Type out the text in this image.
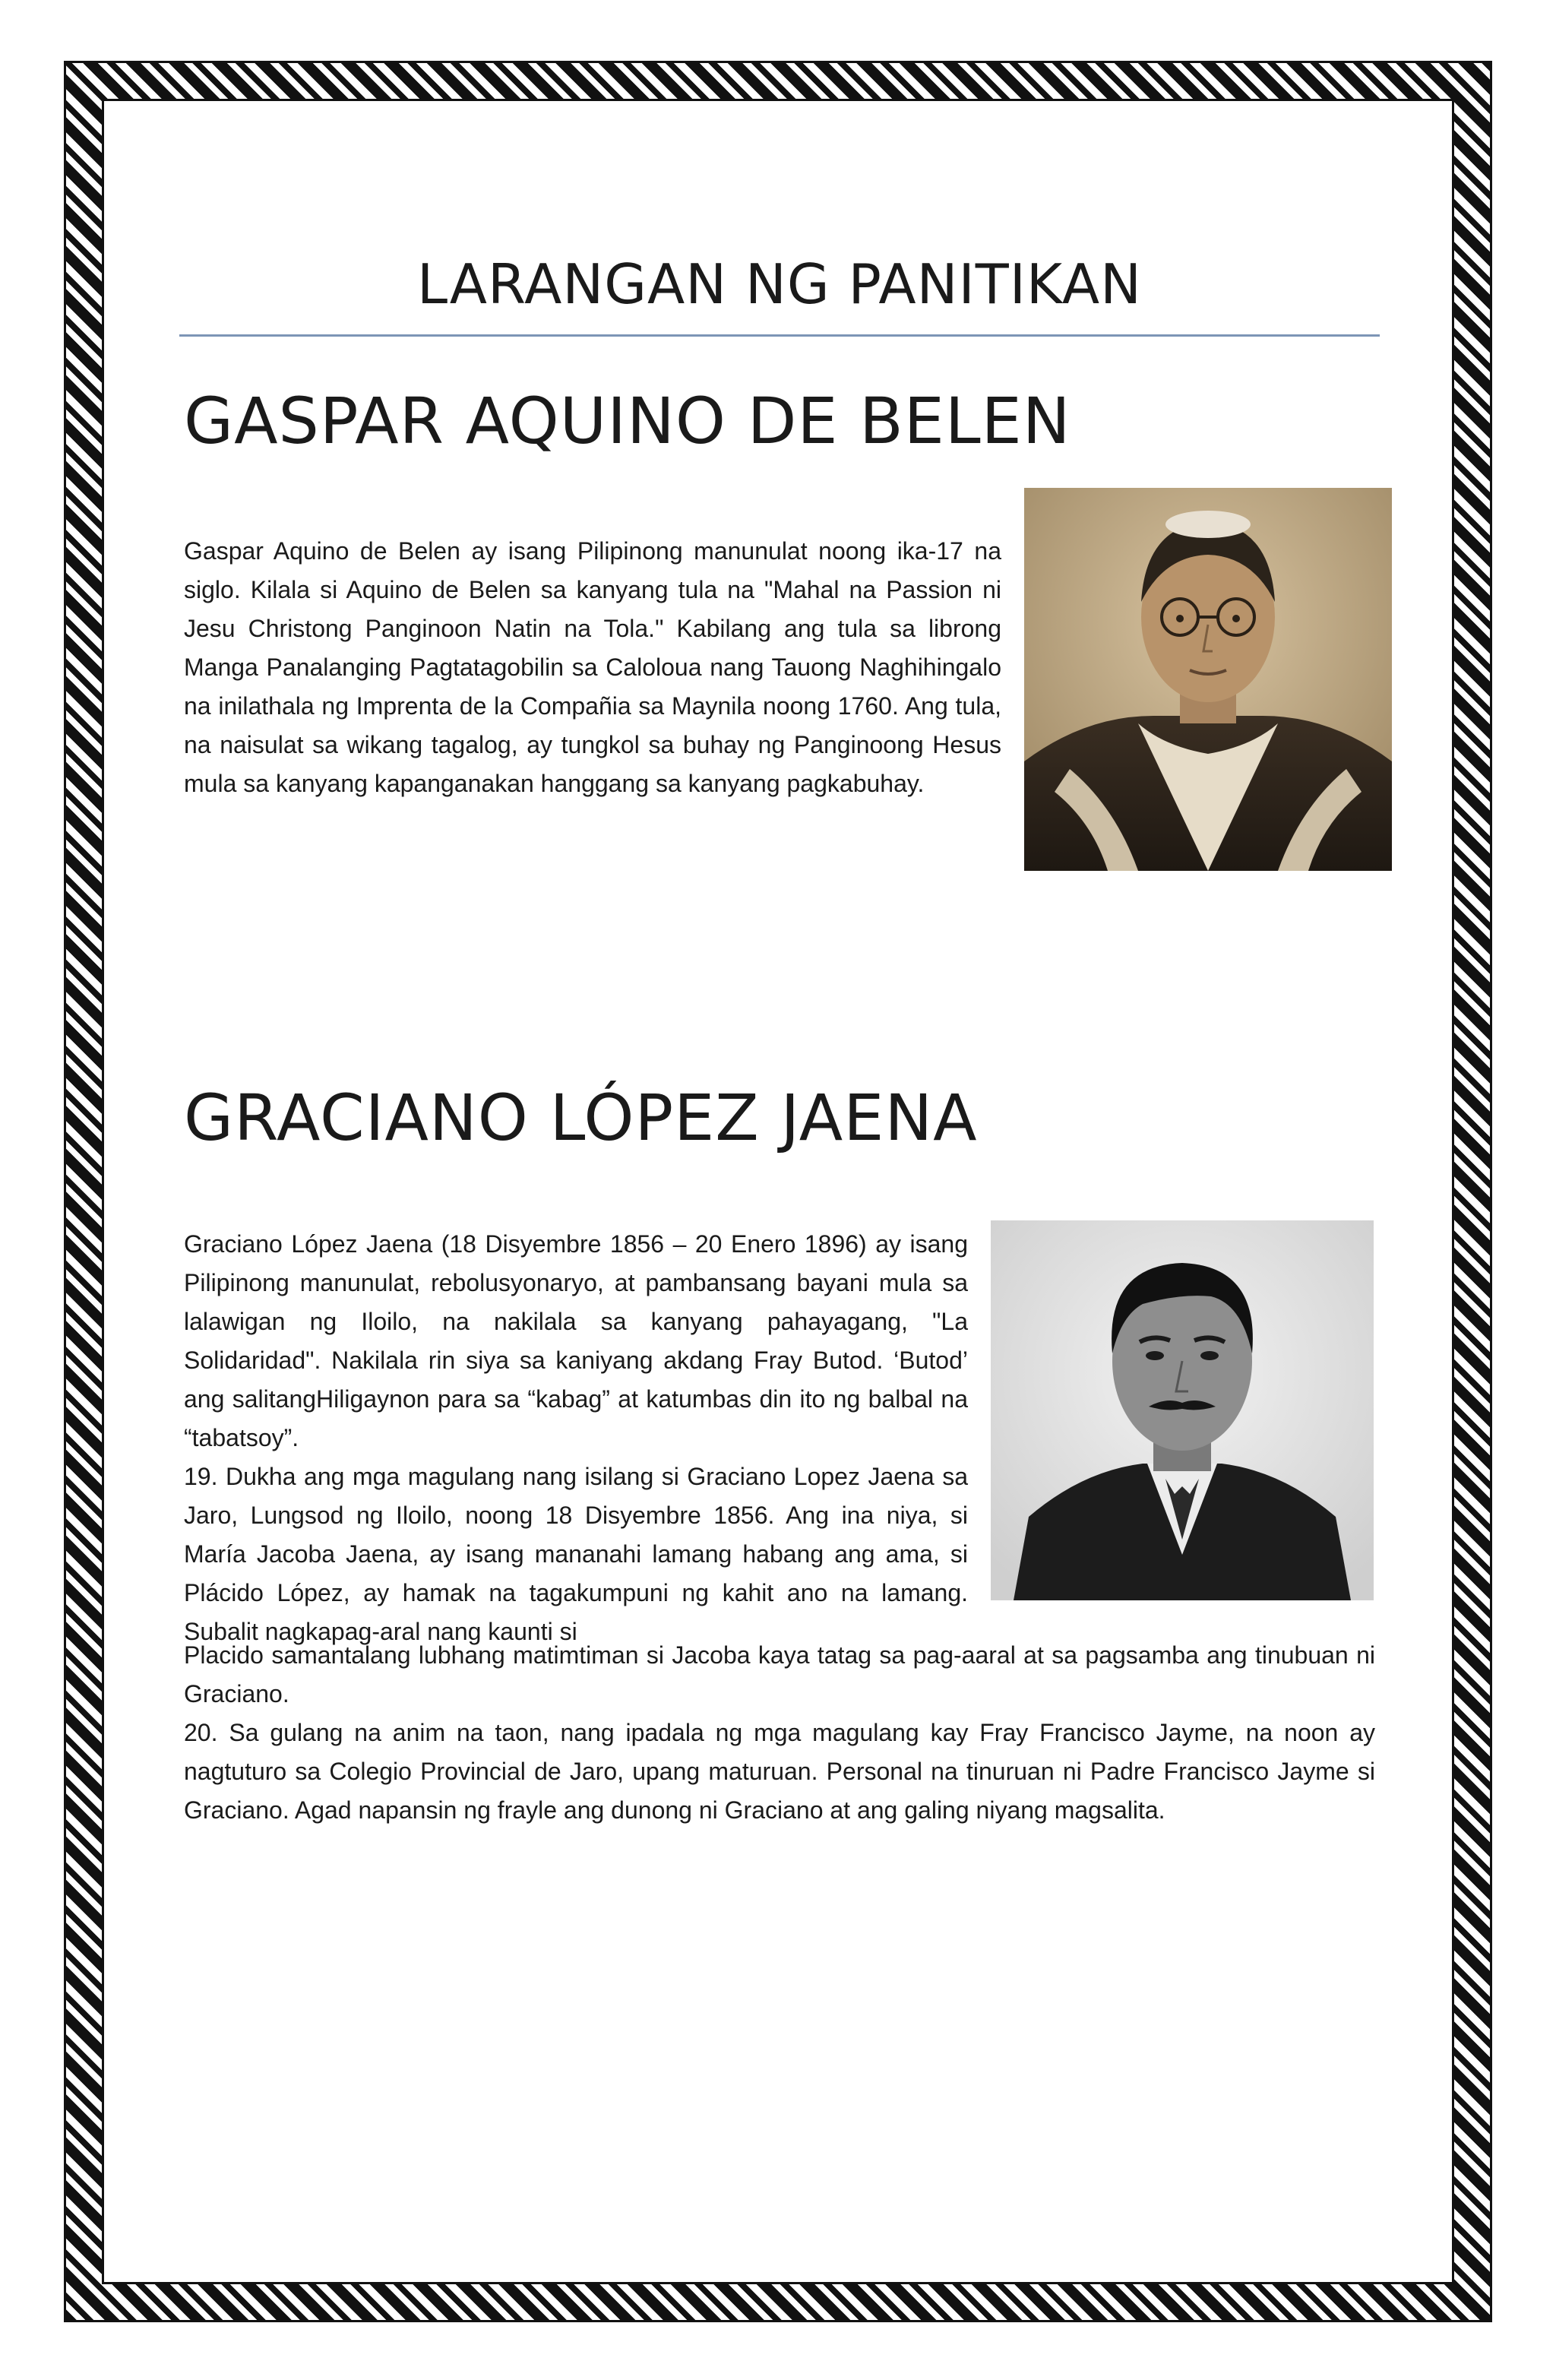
LARANGAN NG PANITIKAN
GASPAR AQUINO DE BELEN

Gaspar Aquino de Belen ay isang Pilipinong manunulat noong ika-17 na siglo. Kilala si Aquino de Belen sa kanyang tula na "Mahal na Passion ni Jesu Christong Panginoon Natin na Tola." Kabilang ang tula sa librong Manga Panalanging Pagtatagobilin sa Caloloua nang Tauong Naghihingalo na inilathala ng Imprenta de la Compañia sa Maynila noong 1760. Ang tula, na naisulat sa wikang tagalog, ay tungkol sa buhay ng Panginoong Hesus mula sa kanyang kapanganakan hanggang sa kanyang pagkabuhay.

GRACIANO LÓPEZ JAENA

Graciano López Jaena (18 Disyembre 1856 – 20 Enero 1896) ay isang Pilipinong manunulat, rebolusyonaryo, at pambansang bayani mula sa lalawigan ng Iloilo, na nakilala sa kanyang pahayagang, "La Solidaridad". Nakilala rin siya sa kaniyang akdang Fray Butod. ‘Butod’ ang salitangHiligaynon para sa “kabag” at katumbas din ito ng balbal na “tabatsoy”.

19. Dukha ang mga magulang nang isilang si Graciano Lopez Jaena sa Jaro, Lungsod ng Iloilo, noong 18 Disyembre 1856. Ang ina niya, si María Jacoba Jaena, ay isang mananahi lamang habang ang ama, si Plácido López, ay hamak na tagakumpuni ng kahit ano na lamang. Subalit nagkapag-aral nang kaunti si

Placido samantalang lubhang matimtiman si Jacoba kaya tatag sa pag-aaral at sa pagsamba ang tinubuan ni Graciano.

20. Sa gulang na anim na taon, nang ipadala ng mga magulang kay Fray Francisco Jayme, na noon ay nagtuturo sa Colegio Provincial de Jaro, upang maturuan. Personal na tinuruan ni Padre Francisco Jayme si Graciano. Agad napansin ng frayle ang dunong ni Graciano at ang galing niyang magsalita.
